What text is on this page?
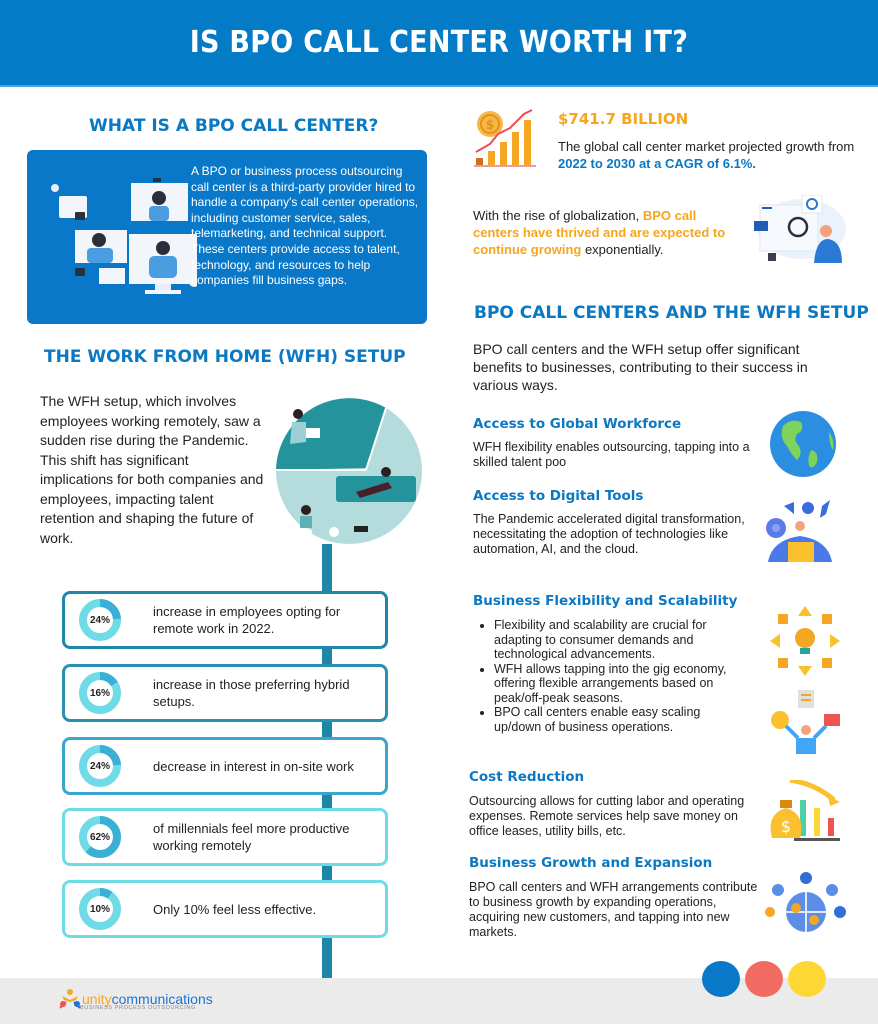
IS BPO CALL CENTER WORTH IT?
WHAT IS A BPO CALL CENTER?

A BPO or business process outsourcing call center is a third-party provider hired to handle a company's call center operations, including customer service, sales, telemarketing, and technical support. These centers provide access to talent, technology, and resources to help companies fill business gaps.

$	$741.7 BILLION

The global call center market projected growth from 2022 to 2030 at a CAGR of 6.1%.

With the rise of globalization, BPO call centers have thrived and are expected to continue growing exponentially.

THE WORK FROM HOME (WFH) SETUP

The WFH setup, which involves employees working remotely, saw a sudden rise during the Pandemic. This shift has significant implications for both companies and employees, impacting talent retention and shaping the future of work.

24%
increase in employees opting for remote work in 2022.
16%
increase in those preferring hybrid setups.
24%	decrease in interest in on-site work
62%
of millennials feel more productive working remotely
10%	Only 10% feel less effective.
BPO CALL CENTERS AND THE WFH SETUP

BPO call centers and the WFH setup offer significant benefits to businesses, contributing to their success in various ways.

Access to Global Workforce

WFH flexibility enables outsourcing, tapping into a skilled talent poo

Access to Digital Tools

The Pandemic accelerated digital transformation, necessitating the adoption of technologies like automation, AI, and the cloud.

Business Flexibility and Scalability
• Flexibility and scalability are crucial for adapting to consumer demands and technological advancements.
• WFH allows tapping into the gig economy, offering flexible arrangements based on peak/off-peak seasons.
• BPO call centers enable easy scaling up/down of business operations.
Cost Reduction

Outsourcing allows for cutting labor and operating expenses. Remote services help save money on office leases, utility bills, etc.	$
Business Growth and Expansion

BPO call centers and WFH arrangements contribute to business growth by expanding operations, acquiring new customers, and tapping into new markets.

unity communications
BUSINESS PROCESS OUTSOURCING
